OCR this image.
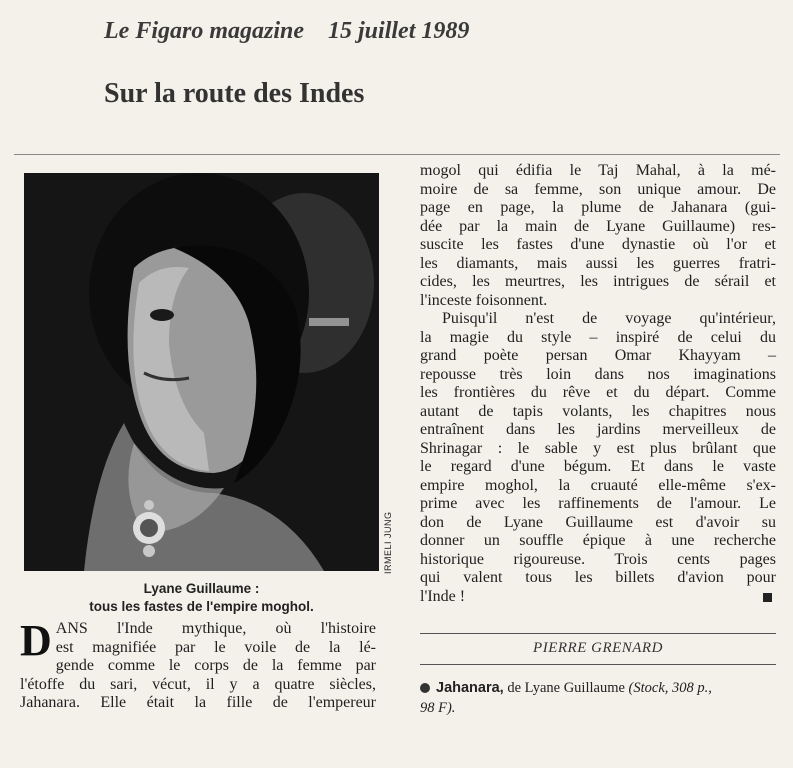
Le Figaro magazine 15 juillet 1989
Sur la route des Indes
IRMELI JUNG
Lyane Guillaume :
tous les fastes de l'empire moghol.
D ANS l'Inde mythique, où l'histoire
est magnifiée par le voile de la lé-
gende comme le corps de la femme par
l'étoffe du sari, vécut, il y a quatre siècles,
Jahanara. Elle était la fille de l'empereur
mogol qui édifia le Taj Mahal, à la mé-
moire de sa femme, son unique amour. De
page en page, la plume de Jahanara (gui-
dée par la main de Lyane Guillaume) res-
suscite les fastes d'une dynastie où l'or et
les diamants, mais aussi les guerres fratri-
cides, les meurtres, les intrigues de sérail et
l'inceste foisonnent.
Puisqu'il n'est de voyage qu'intérieur,
la magie du style – inspiré de celui du
grand poète persan Omar Khayyam –
repousse très loin dans nos imaginations
les frontières du rêve et du départ. Comme
autant de tapis volants, les chapitres nous
entraînent dans les jardins merveilleux de
Shrinagar : le sable y est plus brûlant que
le regard d'une bégum. Et dans le vaste
empire moghol, la cruauté elle-même s'ex-
prime avec les raffinements de l'amour. Le
don de Lyane Guillaume est d'avoir su
donner un souffle épique à une recherche
historique rigoureuse. Trois cents pages
qui valent tous les billets d'avion pour
l'Inde !
PIERRE GRENARD
Jahanara, de Lyane Guillaume (Stock, 308 p.,
98 F).
